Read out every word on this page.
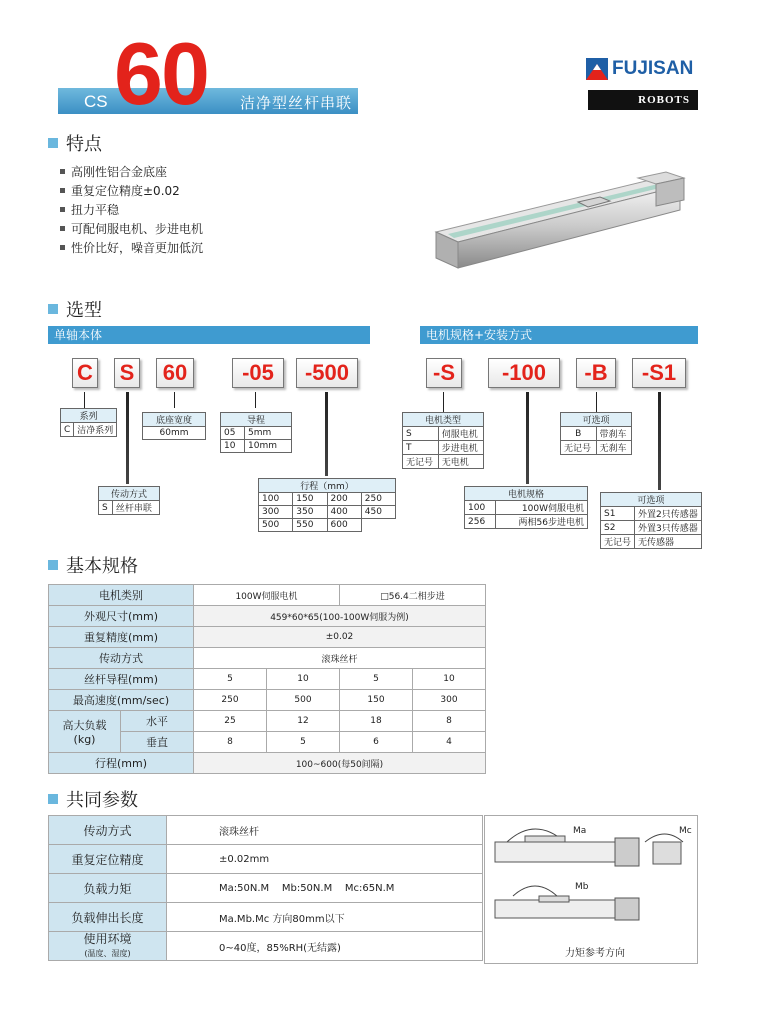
CS 60 洁净型丝杆串联
FUJISAN
ROBOTS
特点
高刚性铝合金底座
重复定位精度±0.02
扭力平稳
可配伺服电机、步进电机
性价比好，噪音更加低沉
选型
单轴本体	电机规格+安装方式
C S	60	-05	-500	-S	-100	-B	-S1
系列
C	洁净系列
底座宽度
60mm
导程	
05	5mm
10	10mm
传动方式
S	丝杆串联
行程（mm）			
100	150	200	250
300	350	400	450
500	550	600	
电机类型	
S	伺服电机
T	步进电机
无记号	无电机
电机规格	
100	100W伺服电机
256	两相56步进电机
可选项	
B	带刹车
无记号	无刹车
可选项	
S1	外置2只传感器
S2	外置3只传感器
无记号	无传感器
基本规格
电机类别		100W伺服电机		□56.4二相步进	
外观尺寸(mm)		459*60*65(100-100W伺服为例)			
重复精度(mm)		±0.02			
传动方式		滚珠丝杆			
丝杆导程(mm)		5	10	5	10
最高速度(mm/sec)		250	500	150	300
高大负载
(kg)	水平	25	12	18	8
	垂直	8	5	6	4
行程(mm)		100~600(每50间隔)			
共同参数
传动方式	滚珠丝杆
重复定位精度	±0.02mm
负载力矩	Ma:50N.M    Mb:50N.M    Mc:65N.M
负载伸出长度	Ma.Mb.Mc 方向80mm以下
使用环境
(温度、湿度)	0~40度，85%RH(无结露)
Ma	Mc
Mb
力矩参考方向
